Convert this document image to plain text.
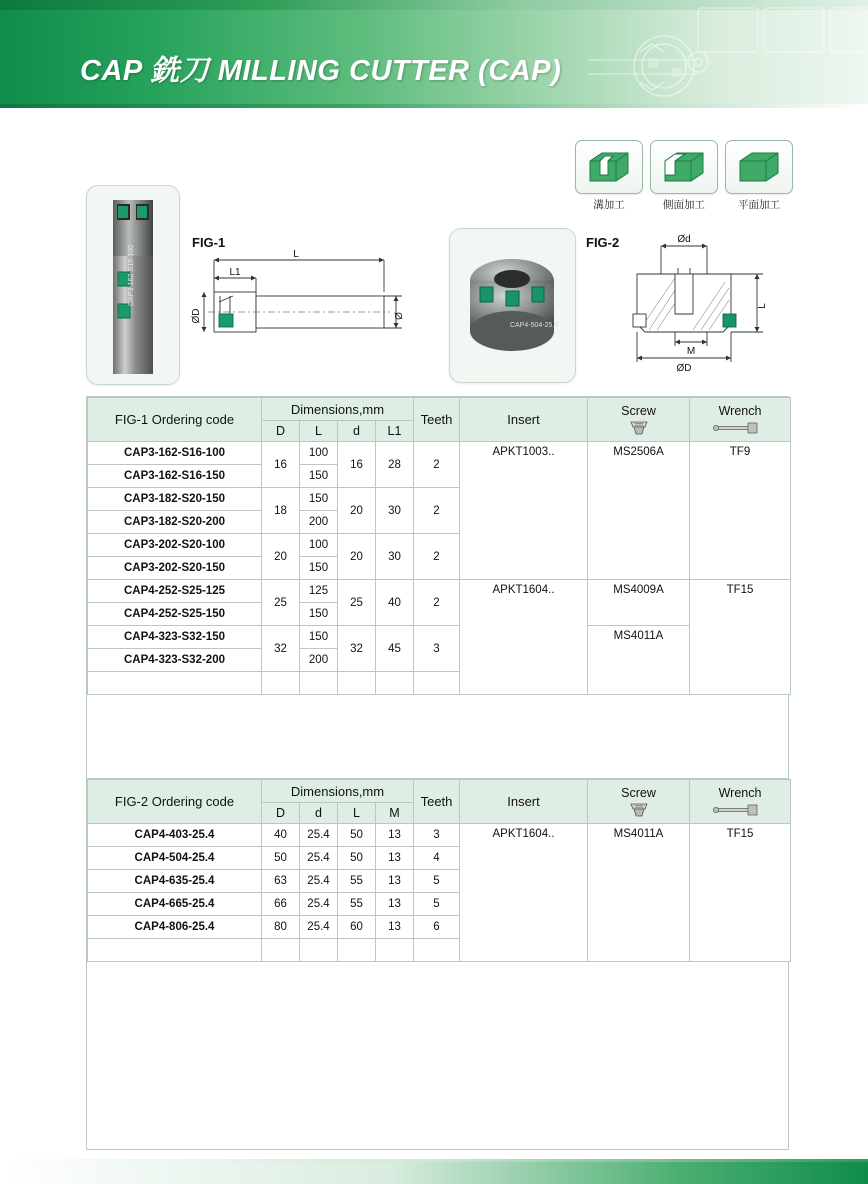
CAP 銑刀 MILLING CUTTER (CAP)
溝加工	側面加工	平面加工
CAP3-162-S16-100
FIG-1
L
L1
ØD	Ø
CAP4-504-25.4
FIG-2	Ød
L
M
ØD
FIG-1 Ordering code	Dimensions,mm				Teeth	Insert	Screw	Wrench

	D	L	d	L1				
CAP3-162-S16-100	16	100	16	28	2	APKT1003..	MS2506A	TF9
CAP3-162-S16-150		150						
CAP3-182-S20-150	18	150	20	30	2			
CAP3-182-S20-200		200						
CAP3-202-S20-100	20	100	20	30	2			
CAP3-202-S20-150		150						
CAP4-252-S25-125	25	125	25	40	2	APKT1604..	MS4009A	TF15
CAP4-252-S25-150		150						
CAP4-323-S32-150	32	150	32	45	3		MS4011A	
CAP4-323-S32-200		200						

FIG-2 Ordering code	Dimensions,mm				Teeth	Insert	Screw	Wrench

	D	d	L	M				
CAP4-403-25.4	40	25.4	50	13	3	APKT1604..	MS4011A	TF15
CAP4-504-25.4	50	25.4	50	13	4			
CAP4-635-25.4	63	25.4	55	13	5			
CAP4-665-25.4	66	25.4	55	13	5			
CAP4-806-25.4	80	25.4	60	13	6			
